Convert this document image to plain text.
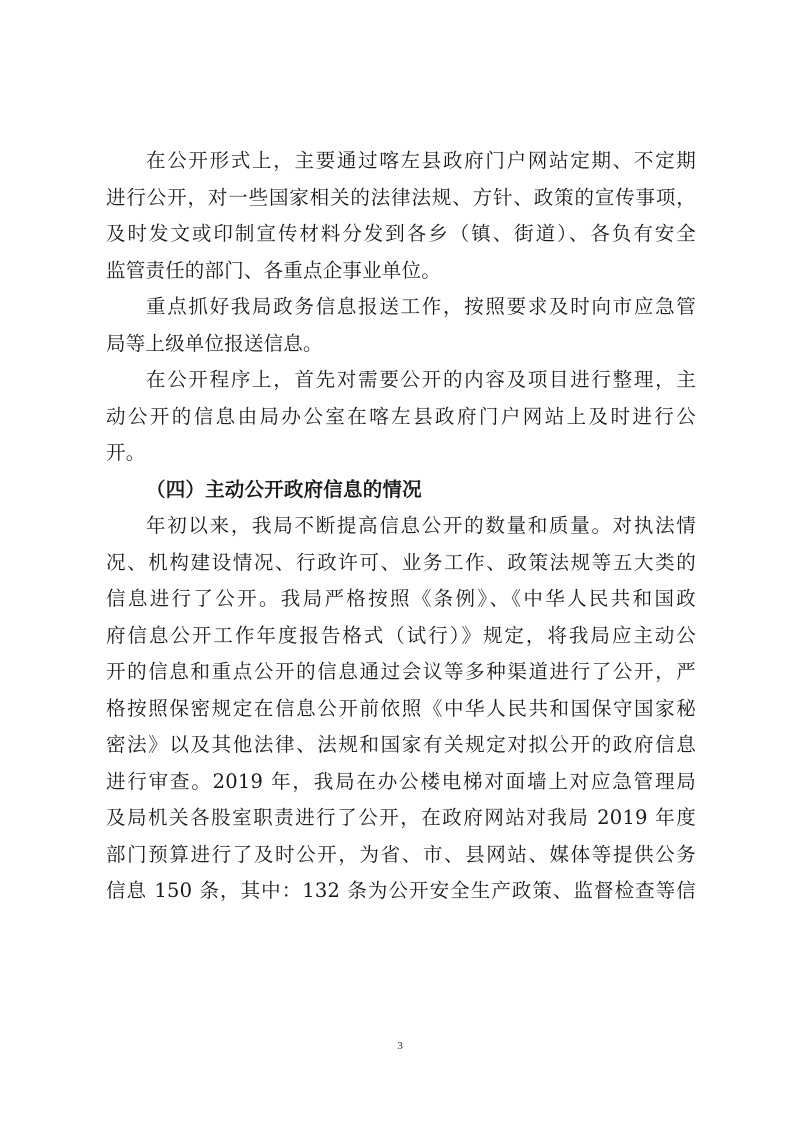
在公开形式上，主要通过喀左县政府门户网站定期、不定期
进行公开，对一些国家相关的法律法规、方针、政策的宣传事项，
及时发文或印制宣传材料分发到各乡（镇、街道）、各负有安全
监管责任的部门、各重点企事业单位。
重点抓好我局政务信息报送工作，按照要求及时向市应急管
局等上级单位报送信息。
在公开程序上，首先对需要公开的内容及项目进行整理，主
动公开的信息由局办公室在喀左县政府门户网站上及时进行公
开。
（四）主动公开政府信息的情况
年初以来，我局不断提高信息公开的数量和质量。对执法情
况、机构建设情况、行政许可、业务工作、政策法规等五大类的
信息进行了公开。我局严格按照《条例》、《中华人民共和国政
府信息公开工作年度报告格式（试行）》规定，将我局应主动公
开的信息和重点公开的信息通过会议等多种渠道进行了公开，严
格按照保密规定在信息公开前依照《中华人民共和国保守国家秘
密法》以及其他法律、法规和国家有关规定对拟公开的政府信息
进行审查。2019 年，我局在办公楼电梯对面墙上对应急管理局
及局机关各股室职责进行了公开，在政府网站对我局 2019 年度
部门预算进行了及时公开，为省、市、县网站、媒体等提供公务
信息 150 条，其中：132 条为公开安全生产政策、监督检查等信
3
